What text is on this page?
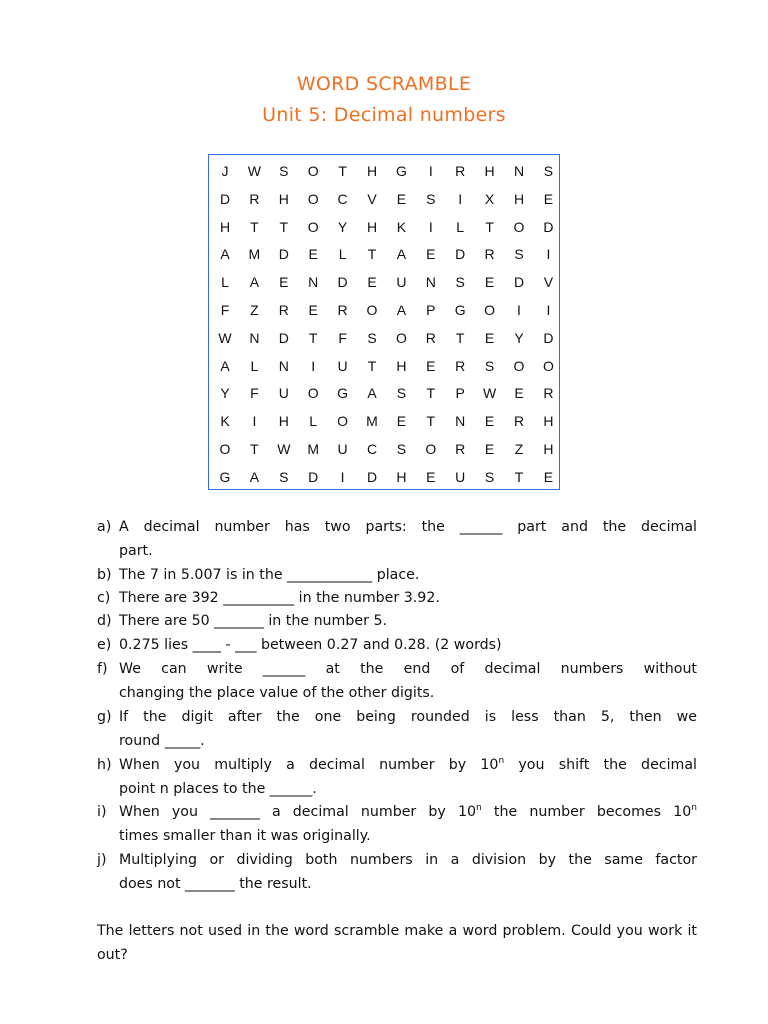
WORD SCRAMBLE
Unit 5: Decimal numbers
J	W	S	O	T	H	G	I	R	H	N	S
D	R	H	O	C	V	E	S	I	X	H	E
H	T	T	O	Y	H	K	I	L	T	O	D
A	M	D	E	L	T	A	E	D	R	S	I
L	A	E	N	D	E	U	N	S	E	D	V
F	Z	R	E	R	O	A	P	G	O	I	I
W	N	D	T	F	S	O	R	T	E	Y	D
A	L	N	I	U	T	H	E	R	S	O	O
Y	F	U	O	G	A	S	T	P	W	E	R
K	I	H	L	O	M	E	T	N	E	R	H
O	T	W	M	U	C	S	O	R	E	Z	H
G	A	S	D	I	D	H	E	U	S	T	E
a) A decimal number has two parts: the ______ part and the decimal
part.
b) The 7 in 5.007 is in the ____________ place.
c) There are 392 __________ in the number 3.92.
d) There are 50 _______ in the number 5.
e) 0.275 lies ____ - ___ between 0.27 and 0.28. (2 words)
f) We can write ______ at the end of decimal numbers without
changing the place value of the other digits.
g) If the digit after the one being rounded is less than 5, then we
round _____.
h) When you multiply a decimal number by 10$^n$ you shift the decimal
point n places to the ______.
i) When you _______ a decimal number by 10$^n$ the number becomes 10$^n$
times smaller than it was originally.
j) Multiplying or dividing both numbers in a division by the same factor
does not _______ the result.
The letters not used in the word scramble make a word problem. Could you work it out?
